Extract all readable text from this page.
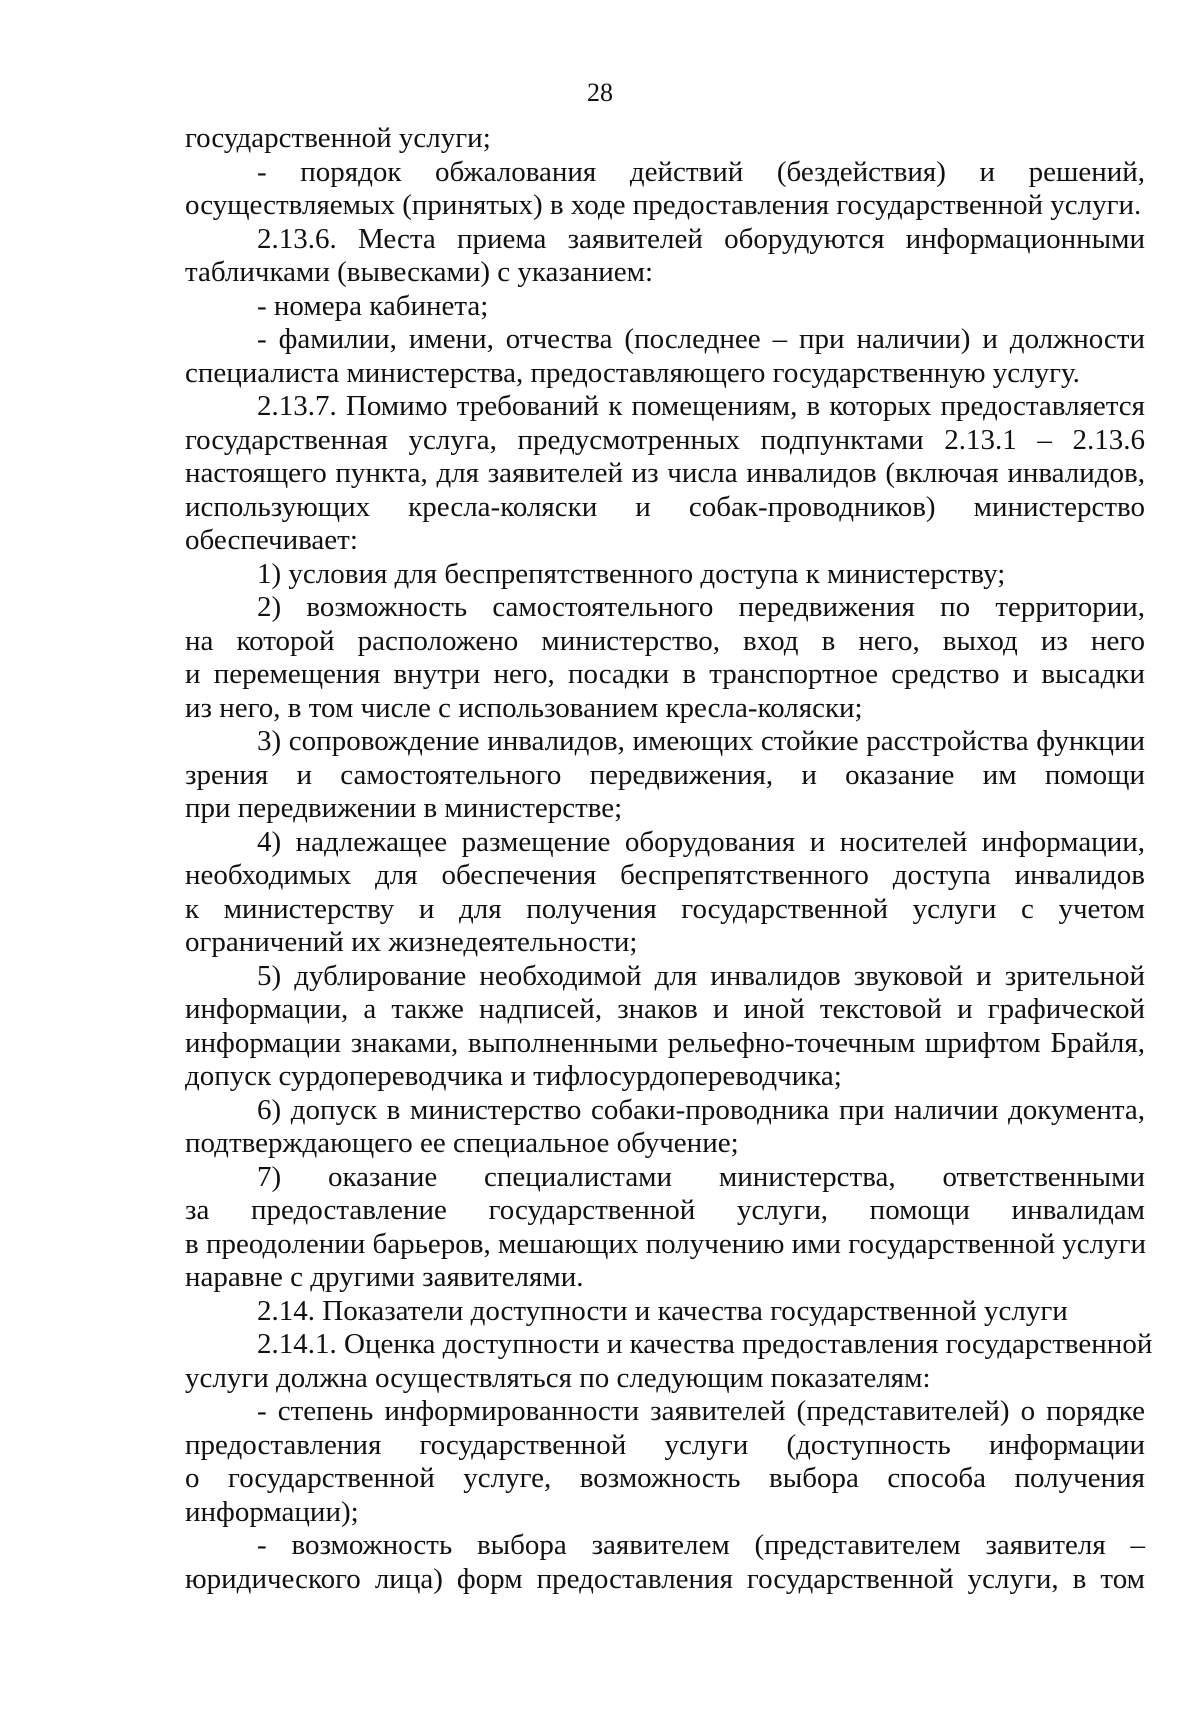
28
государственной услуги;
- порядок обжалования действий (бездействия) и решений,
осуществляемых (принятых) в ходе предоставления государственной услуги.
2.13.6. Места приема заявителей оборудуются информационными
табличками (вывесками) с указанием:
- номера кабинета;
- фамилии, имени, отчества (последнее – при наличии) и должности
специалиста министерства, предоставляющего государственную услугу.
2.13.7. Помимо требований к помещениям, в которых предоставляется
государственная услуга, предусмотренных подпунктами 2.13.1 – 2.13.6
настоящего пункта, для заявителей из числа инвалидов (включая инвалидов,
использующих кресла-коляски и собак-проводников) министерство
обеспечивает:
1) условия для беспрепятственного доступа к министерству;
2) возможность самостоятельного передвижения по территории,
на которой расположено министерство, вход в него, выход из него
и перемещения внутри него, посадки в транспортное средство и высадки
из него, в том числе с использованием кресла-коляски;
3) сопровождение инвалидов, имеющих стойкие расстройства функции
зрения и самостоятельного передвижения, и оказание им помощи
при передвижении в министерстве;
4) надлежащее размещение оборудования и носителей информации,
необходимых для обеспечения беспрепятственного доступа инвалидов
к министерству и для получения государственной услуги с учетом
ограничений их жизнедеятельности;
5) дублирование необходимой для инвалидов звуковой и зрительной
информации, а также надписей, знаков и иной текстовой и графической
информации знаками, выполненными рельефно-точечным шрифтом Брайля,
допуск сурдопереводчика и тифлосурдопереводчика;
6) допуск в министерство собаки-проводника при наличии документа,
подтверждающего ее специальное обучение;
7) оказание специалистами министерства, ответственными
за предоставление государственной услуги, помощи инвалидам
в преодолении барьеров, мешающих получению ими государственной услуги
наравне с другими заявителями.
2.14. Показатели доступности и качества государственной услуги
2.14.1. Оценка доступности и качества предоставления государственной
услуги должна осуществляться по следующим показателям:
- степень информированности заявителей (представителей) о порядке
предоставления государственной услуги (доступность информации
о государственной услуге, возможность выбора способа получения
информации);
- возможность выбора заявителем (представителем заявителя –
юридического лица) форм предоставления государственной услуги, в том
